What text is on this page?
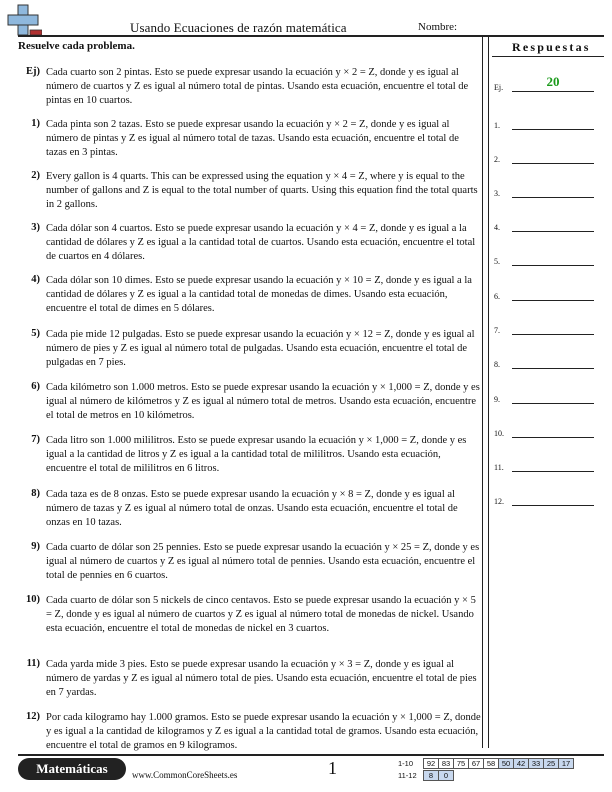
Usando Ecuaciones de razón matemática	Nombre:
Resuelve cada problema.
Ej) Cada cuarto son 2 pintas. Esto se puede expresar usando la ecuación y × 2 = Z, donde y es igual al número de cuartos y Z es igual al número total de pintas. Usando esta ecuación, encuentre el total de pintas en 10 cuartos.
1) Cada pinta son 2 tazas. Esto se puede expresar usando la ecuación y × 2 = Z, donde y es igual al número de pintas y Z es igual al número total de tazas. Usando esta ecuación, encuentre el total de tazas en 3 pintas.
2) Every gallon is 4 quarts. This can be expressed using the equation y × 4 = Z, where y is equal to the number of gallons and Z is equal to the total number of quarts. Using this equation find the total quarts in 2 gallons.
3) Cada dólar son 4 cuartos. Esto se puede expresar usando la ecuación y × 4 = Z, donde y es igual a la cantidad de dólares y Z es igual a la cantidad total de cuartos. Usando esta ecuación, encuentre el total de cuartos en 4 dólares.
4) Cada dólar son 10 dimes. Esto se puede expresar usando la ecuación y × 10 = Z, donde y es igual a la cantidad de dólares y Z es igual a la cantidad total de monedas de dimes. Usando esta ecuación, encuentre el total de dimes en 5 dólares.
5) Cada pie mide 12 pulgadas. Esto se puede expresar usando la ecuación y × 12 = Z, donde y es igual al número de pies y Z es igual al número total de pulgadas. Usando esta ecuación, encuentre el total de pulgadas en 7 pies.
6) Cada kilómetro son 1.000 metros. Esto se puede expresar usando la ecuación y × 1,000 = Z, donde y es igual al número de kilómetros y Z es igual al número total de metros. Usando esta ecuación, encuentre el total de metros en 10 kilómetros.
7) Cada litro son 1.000 mililitros. Esto se puede expresar usando la ecuación y × 1,000 = Z, donde y es igual a la cantidad de litros y Z es igual a la cantidad total de mililitros. Usando esta ecuación, encuentre el total de mililitros en 6 litros.
8) Cada taza es de 8 onzas. Esto se puede expresar usando la ecuación y × 8 = Z, donde y es igual al número de tazas y Z es igual al número total de onzas. Usando esta ecuación, encuentre el total de onzas en 10 tazas.
9) Cada cuarto de dólar son 25 pennies. Esto se puede expresar usando la ecuación y × 25 = Z, donde y es igual al número de cuartos y Z es igual al número total de pennies. Usando esta ecuación, encuentre el total de pennies en 6 cuartos.
10) Cada cuarto de dólar son 5 nickels de cinco centavos. Esto se puede expresar usando la ecuación y × 5 = Z, donde y es igual al número de cuartos y Z es igual al número total de monedas de nickel. Usando esta ecuación, encuentre el total de monedas de nickel en 3 cuartos.
11) Cada yarda mide 3 pies. Esto se puede expresar usando la ecuación y × 3 = Z, donde y es igual al número de yardas y Z es igual al número total de pies. Usando esta ecuación, encuentre el total de pies en 7 yardas.
12) Por cada kilogramo hay 1.000 gramos. Esto se puede expresar usando la ecuación y × 1,000 = Z, donde y es igual a la cantidad de kilogramos y Z es igual a la cantidad total de gramos. Usando esta ecuación, encuentre el total de gramos en 9 kilogramos.
Respuestas
Ej.	20
1.
2.
3.
4.
5.
6.
7.
8.
9.
10.
11.
12.
Matemáticas	www.CommonCoreSheets.es	1	1-10	92 83 75 67 58 50 42 33 25 17
11-12	8	0
